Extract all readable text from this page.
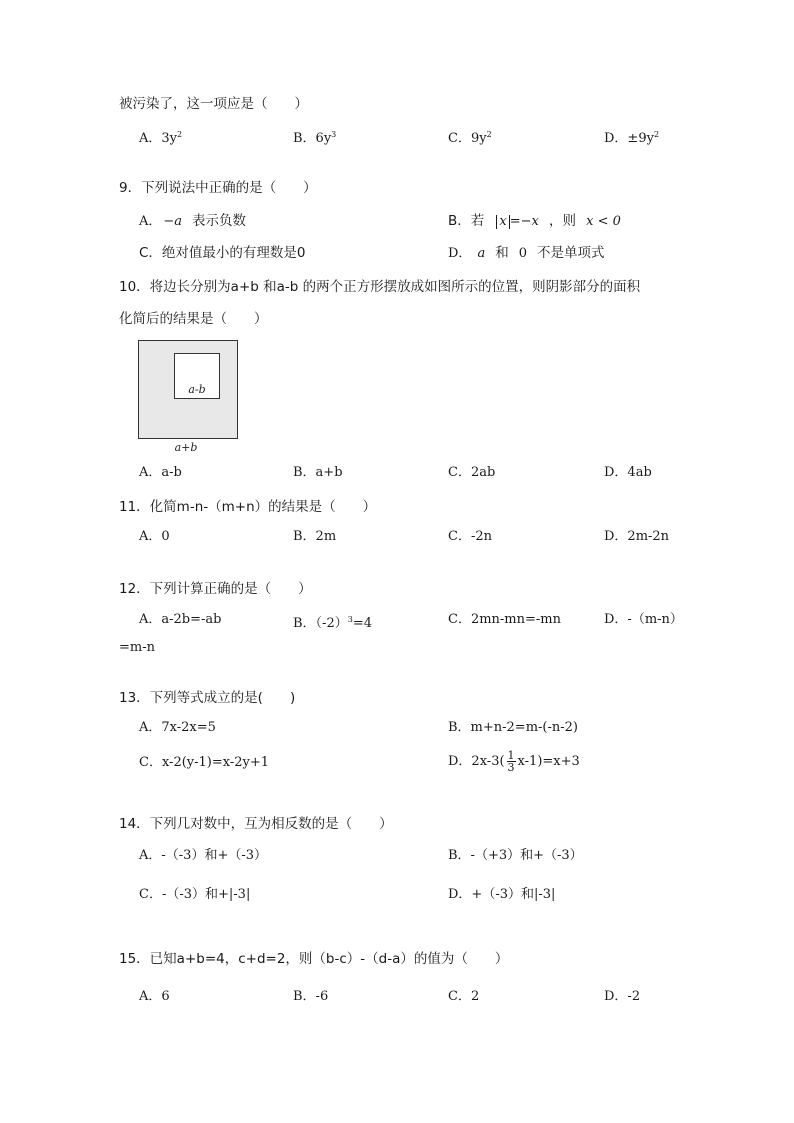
被污染了，这一项应是（　　）
A．$3y^2$	B．$6y^3$	C．$9y^2$	D．$\pm 9y^2$
9．下列说法中正确的是（　　）
A． −a 表示负数	B．若 x =−x ，则 x < 0
C．绝对值最小的有理数是0	D． a 和 0 不是单项式
10．将边长分别为a+b 和a-b 的两个正方形摆放成如图所示的位置，则阴影部分的面积
化简后的结果是（　　）
a-b
a+b
A．a-b	B．a+b	C．2ab	D．4ab
11．化简m-n-（m+n）的结果是（　　）
A．0	B．2m	C．-2n	D．2m-2n
12．下列计算正确的是（　　）
A．a-2b=-ab	B．$(-2)^3=4$	C．2mn-mn=-mn	D．-（m-n）
=m-n
13．下列等式成立的是(　　)
A．7x-2x=5	B．m+n-2=m-(-n-2)
C．x-2(y-1)=x-2y+1	D．$2x-3( \frac{1}{3} x-1)=x+3$
14．下列几对数中，互为相反数的是（　　）
A．-（-3）和+（-3）	B．-（+3）和+（-3）
C．-（-3）和+|-3|	D．+（-3）和|-3|
15．已知a+b=4，c+d=2，则（b-c）-（d-a）的值为（　　）
A．6	B．-6	C．2	D．-2
